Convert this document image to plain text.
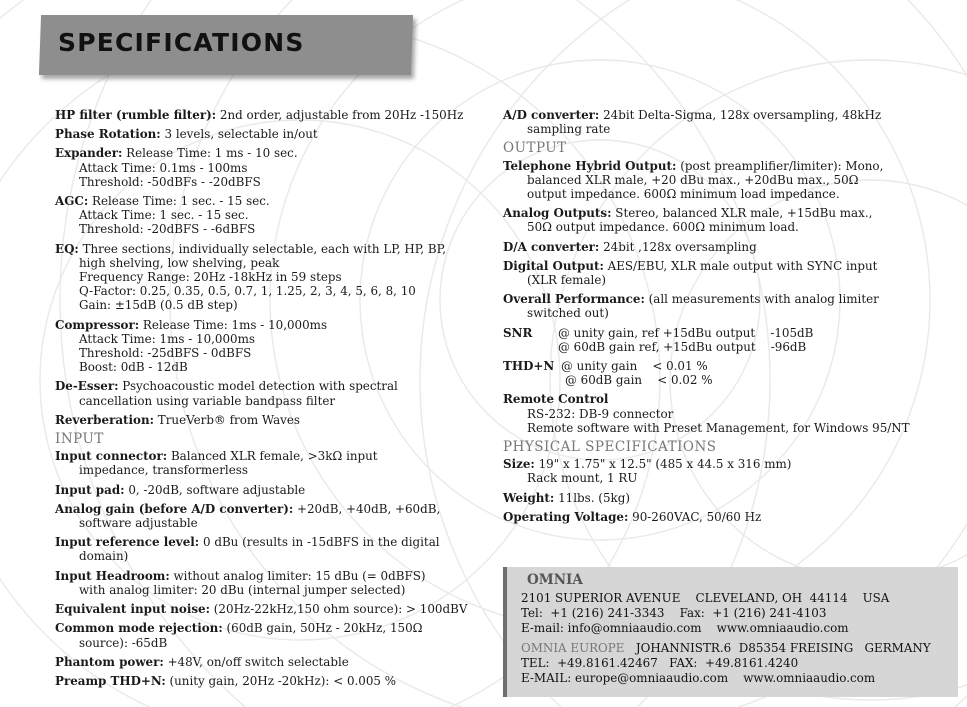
SPECIFICATIONS
HP filter (rumble filter): 2nd order, adjustable from 20Hz -150Hz
Phase Rotation: 3 levels, selectable in/out
Expander: Release Time: 1 ms - 10 sec.
Attack Time: 0.1ms - 100ms
Threshold: -50dBFs - -20dBFS
AGC: Release Time: 1 sec. - 15 sec.
Attack Time: 1 sec. - 15 sec.
Threshold: -20dBFS - -6dBFS
EQ: Three sections, individually selectable, each with LP, HP, BP,
high shelving, low shelving, peak
Frequency Range: 20Hz -18kHz in 59 steps
Q-Factor: 0.25, 0.35, 0.5, 0.7, 1, 1.25, 2, 3, 4, 5, 6, 8, 10
Gain: ±15dB (0.5 dB step)
Compressor: Release Time: 1ms - 10,000ms
Attack Time: 1ms - 10,000ms
Threshold: -25dBFS - 0dBFS
Boost: 0dB - 12dB
De-Esser: Psychoacoustic model detection with spectral
cancellation using variable bandpass filter
Reverberation: TrueVerb® from Waves
INPUT
Input connector: Balanced XLR female, >3kΩ input
impedance, transformerless
Input pad: 0, -20dB, software adjustable
Analog gain (before A/D converter): +20dB, +40dB, +60dB,
software adjustable
Input reference level: 0 dBu (results in -15dBFS in the digital
domain)
Input Headroom: without analog limiter: 15 dBu (= 0dBFS)
with analog limiter: 20 dBu (internal jumper selected)
Equivalent input noise: (20Hz-22kHz,150 ohm source): > 100dBV
Common mode rejection: (60dB gain, 50Hz - 20kHz, 150Ω
source): -65dB
Phantom power: +48V, on/off switch selectable
Preamp THD+N: (unity gain, 20Hz -20kHz): < 0.005 %
A/D converter: 24bit Delta-Sigma, 128x oversampling, 48kHz
sampling rate
OUTPUT
Telephone Hybrid Output: (post preamplifier/limiter): Mono,
balanced XLR male, +20 dBu max., +20dBu max., 50Ω
output impedance. 600Ω minimum load impedance.
Analog Outputs: Stereo, balanced XLR male, +15dBu max.,
50Ω output impedance. 600Ω minimum load.
D/A converter: 24bit ,128x oversampling
Digital Output: AES/EBU, XLR male output with SYNC input
(XLR female)
Overall Performance: (all measurements with analog limiter
switched out)
SNR	@ unity gain, ref +15dBu output    -105dB
@ 60dB gain ref, +15dBu output    -96dB
THD+N @ unity gain    < 0.01 %
@ 60dB gain    < 0.02 %
Remote Control
RS-232: DB-9 connector
Remote software with Preset Management, for Windows 95/NT
PHYSICAL SPECIFICATIONS
Size: 19" x 1.75" x 12.5" (485 x 44.5 x 316 mm)
Rack mount, 1 RU
Weight: 11lbs. (5kg)
Operating Voltage: 90-260VAC, 50/60 Hz
OMNIA
2101 SUPERIOR AVENUE    CLEVELAND, OH  44114    USA
Tel:  +1 (216) 241-3343    Fax:  +1 (216) 241-4103
E-mail: info@omniaaudio.com    www.omniaaudio.com
OMNIA EUROPE JOHANNISTR.6  D85354 FREISING   GERMANY
TEL:  +49.8161.42467   FAX:  +49.8161.4240
E-MAIL: europe@omniaaudio.com    www.omniaaudio.com
